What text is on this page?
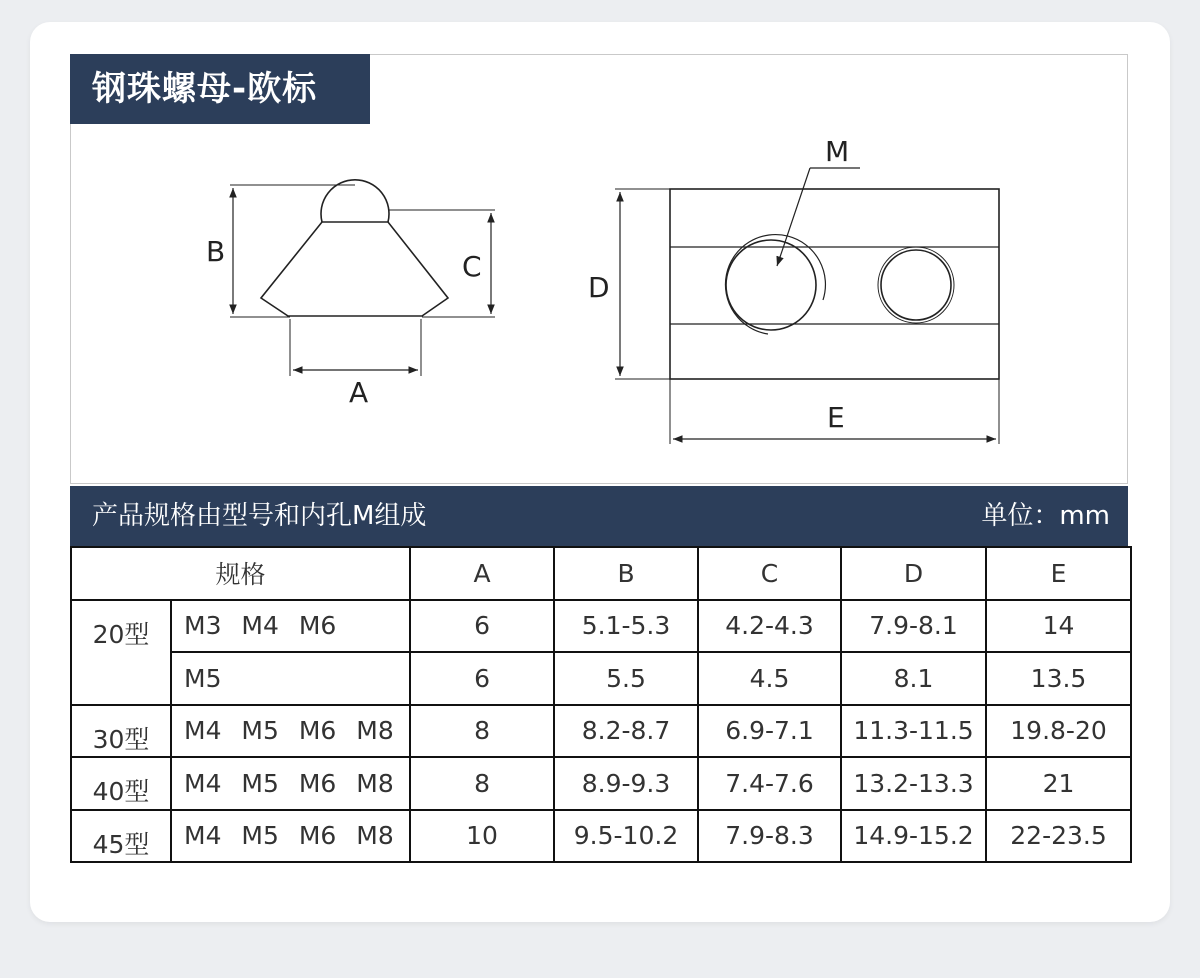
B	C
A
M
D
E
钢珠螺母-欧标
产品规格由型号和内孔M组成	单位：mm
规格		A	B	C	D	E
20型	M3 M4 M6	6	5.1-5.3	4.2-4.3	7.9-8.1	14
	M5	6	5.5	4.5	8.1	13.5
30型	M4 M5 M6 M8	8	8.2-8.7	6.9-7.1	11.3-11.5	19.8-20
40型	M4 M5 M6 M8	8	8.9-9.3	7.4-7.6	13.2-13.3	21
45型	M4 M5 M6 M8	10	9.5-10.2	7.9-8.3	14.9-15.2	22-23.5
